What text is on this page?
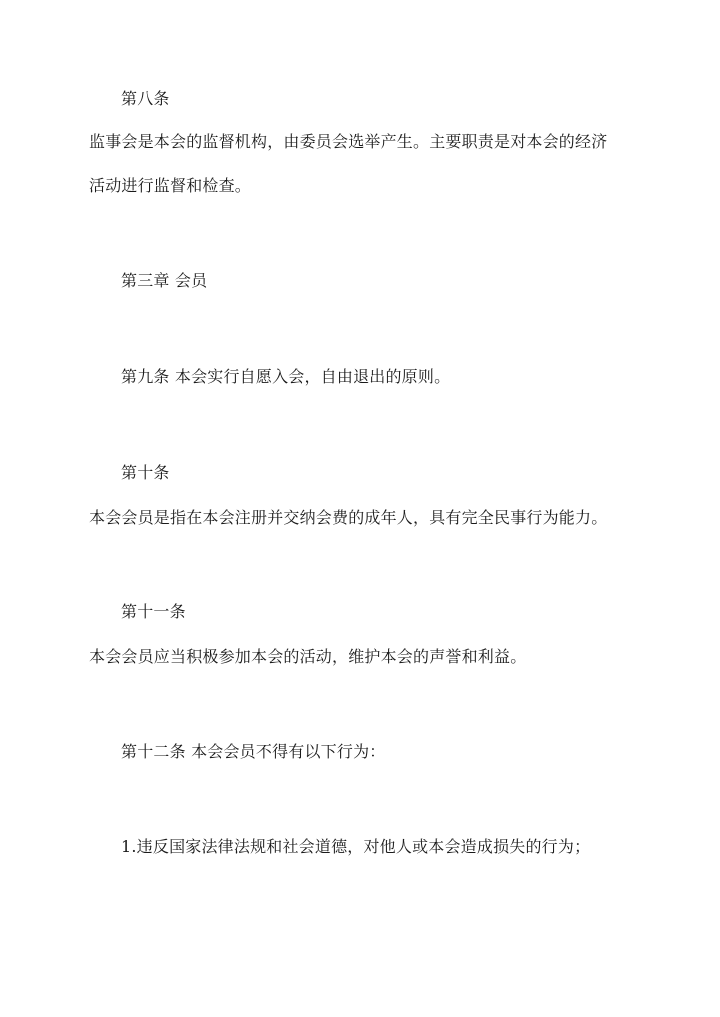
第八条
监事会是本会的监督机构，由委员会选举产生。主要职责是对本会的经济
活动进行监督和检查。
第三章 会员
第九条 本会实行自愿入会，自由退出的原则。
第十条
本会会员是指在本会注册并交纳会费的成年人，具有完全民事行为能力。
第十一条
本会会员应当积极参加本会的活动，维护本会的声誉和利益。
第十二条 本会会员不得有以下行为：
1.违反国家法律法规和社会道德，对他人或本会造成损失的行为；
